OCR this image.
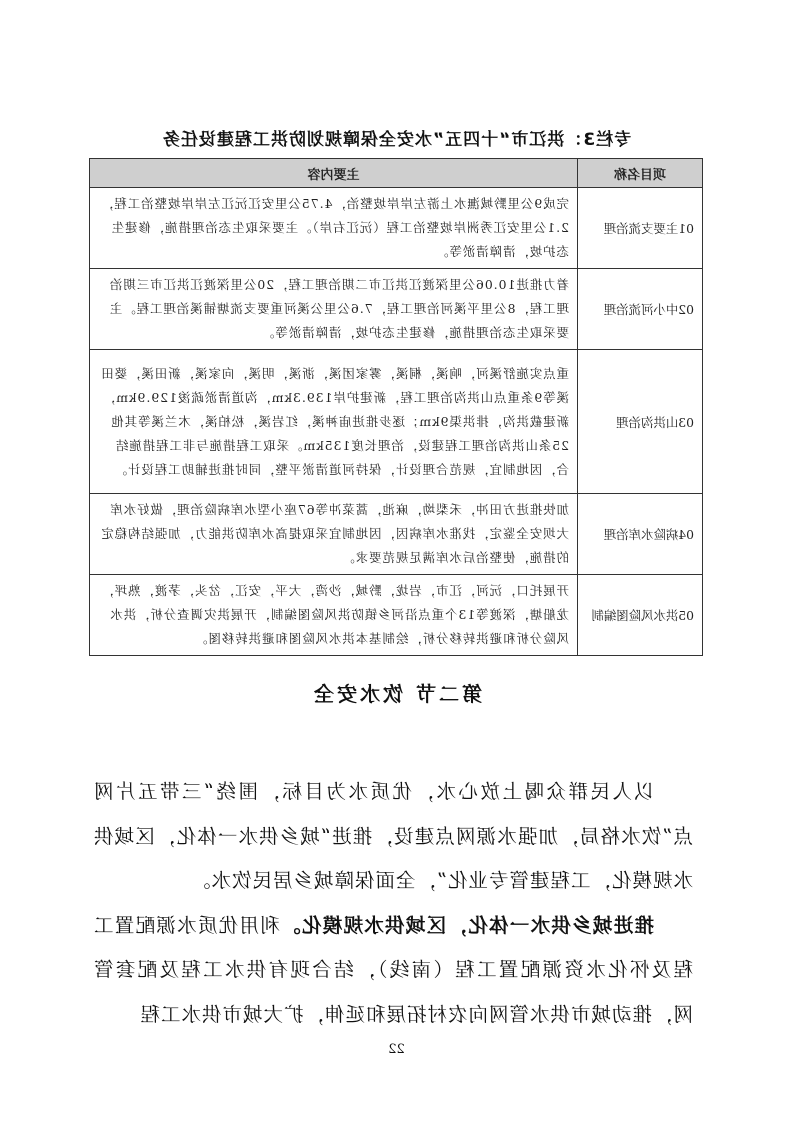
专栏3：洪江市“十四五”水安全保障规划防洪工程建设任务
项目名称	主要内容
01主要支流治理	完成9公里黔城潕水上游左岸岸坡整治，4.75公里安江沅江左岸岸坡整治工程，2.1公里安江秀洲岸坡整治工程（沅江右岸）。主要采取生态治理措施，修建生态护坡，清障清淤等。
02中小河流治理	着力推进10.06公里深渡江洪江市二期治理工程，20公里深渡江洪江市三期治理工程，8公里平溪河治理工程，7.6公里公溪河重要支流塘铺溪治理工程。主要采取生态治理措施，修建生态护坡，清障清淤等。
03山洪沟治理	重点实施舒溪河，响溪，桐溪，雾家团溪，浙溪，明溪，向家溪，新田溪，婆田溪等9条重点山洪沟治理工程，新建护岸139.3km，沟道清淤疏浚129.9km，新建截洪沟，排洪渠9km；逐步推进庙神溪，红岩溪，松柏溪，木兰溪等其他25条山洪沟治理工程建设，治理长度135km。采取工程措施与非工程措施结合，因地制宜，规范合理设计，保持河道清淤平整，同时推进辅助工程设计。
04病险水库治理	加快推进方田冲，禾梨坳，麻池，蒿菜冲等67座小型水库病险治理，做好水库大坝安全鉴定，找准水库病因，因地制宜采取提高水库防洪能力，加强结构稳定的措施，使整治后水库满足规范要求。
05洪水风险图编制	开展托口，沅河，江市，岩垅，黔城，沙湾，大平，安江，岔头，茅渡，熟坪，龙船塘，深渡等13个重点沿河乡镇防洪风险图编制，开展洪灾调查分析，洪水风险分析和避洪转移分析，绘制基本洪水风险图和避洪转移图。
第二节 饮水安全

以人民群众喝上放心水，优质水为目标，围绕“三带五片网点”饮水格局，加强水源网点建设，推进“城乡供水一体化，区域供水规模化，工程建管专业化”，全面保障城乡居民饮水。

推进城乡供水一体化，区域供水规模化。利用优质水源配置工程及怀化水资源配置工程（南线），结合现有供水工程及配套管网，推动城市供水管网向农村拓展和延伸，扩大城市供水工程

22
